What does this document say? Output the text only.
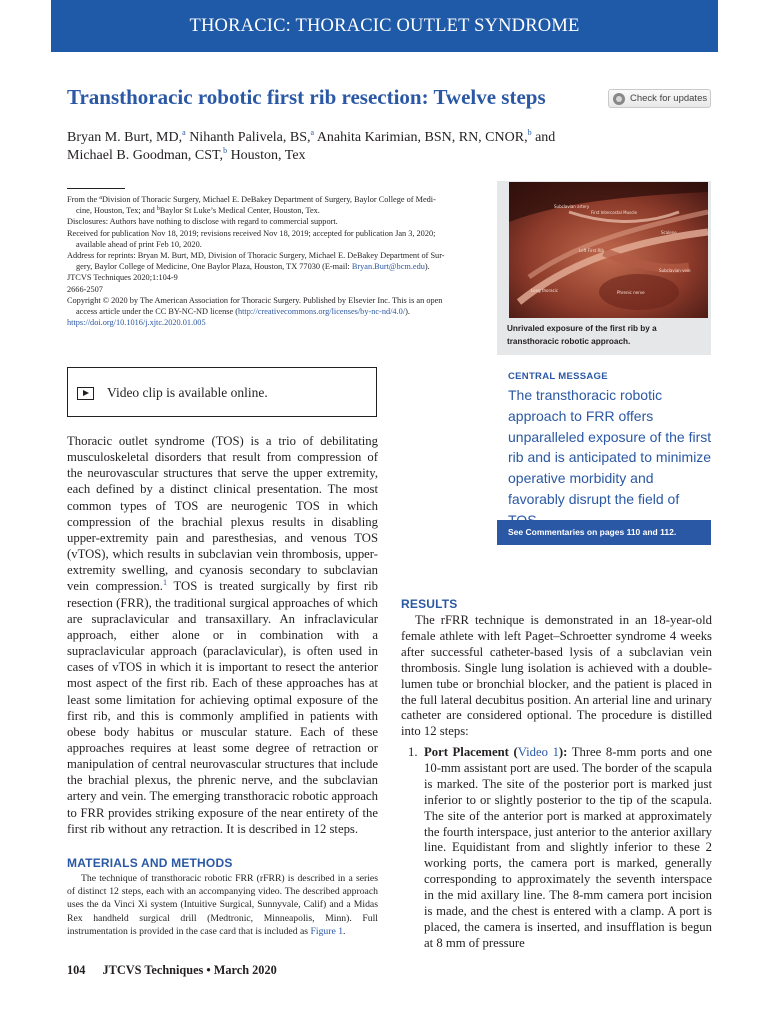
THORACIC: THORACIC OUTLET SYNDROME
Transthoracic robotic first rib resection: Twelve steps	Check for updates
Bryan M. Burt, MD,$^a$ Nihanth Palivela, BS,$^a$ Anahita Karimian, BSN, RN, CNOR,$^b$ and
Michael B. Goodman, CST,$^b$ Houston, Tex

From the $^a$Division of Thoracic Surgery, Michael E. DeBakey Department of Surgery, Baylor College of Medi-

cine, Houston, Tex; and $^b$Baylor St Luke’s Medical Center, Houston, Tex.

Disclosures: Authors have nothing to disclose with regard to commercial support.

Received for publication Nov 18, 2019; revisions received Nov 18, 2019; accepted for publication Jan 3, 2020;

available ahead of print Feb 10, 2020.

Address for reprints: Bryan M. Burt, MD, Division of Thoracic Surgery, Michael E. DeBakey Department of Sur-

gery, Baylor College of Medicine, One Baylor Plaza, Houston, TX 77030 (E-mail: Bryan.Burt@bcm.edu).

JTCVS Techniques 2020;1:104-9

2666-2507

Copyright © 2020 by The American Association for Thoracic Surgery. Published by Elsevier Inc. This is an open

access article under the CC BY-NC-ND license (http://creativecommons.org/licenses/by-nc-nd/4.0/).

https://doi.org/10.1016/j.xjtc.2020.01.005

Subclavian artery
First Intercostal Muscle
Scalene
Left First Rib
Subclavian vein
Phrenic nerve
Long thoracic
Unrivaled exposure of the first rib by a transthoracic robotic approach.
Video clip is available online.
CENTRAL MESSAGE
The transthoracic robotic approach to FRR offers unparalleled exposure of the first rib and is anticipated to minimize operative morbidity and favorably disrupt the field of
See Commentaries on pages 110 and 112.

Thoracic outlet syndrome (TOS) is a trio of debilitating musculoskeletal disorders that result from compression of the neurovascular structures that serve the upper extremity, each defined by a distinct clinical presentation. The most common types of TOS are neurogenic TOS in which compression of the brachial plexus results in disabling upper-extremity pain and paresthesias, and venous TOS (vTOS), which results in subclavian vein thrombosis, upper-extremity swelling, and cyanosis secondary to subclavian vein compression.$^1$ TOS is treated surgically by first rib resection (FRR), the traditional surgical approaches of which are supraclavicular and transaxillary. An infraclavicular approach, either alone or in combination with a supraclavicular approach (paraclavicular), is often used in cases of vTOS in which it is important to resect the anterior most aspect of the first rib. Each of these approaches has at least some limitation for achieving optimal exposure of the first rib, and this is commonly amplified in patients with obese body habitus or muscular stature. Each of these approaches requires at least some degree of retraction or manipulation of central neurovascular structures that include the brachial plexus, the phrenic nerve, and the subclavian artery and vein. The emerging transthoracic robotic approach to FRR provides striking exposure of the near entirety of the first rib without any retraction. It is described in 12 steps.

MATERIALS AND METHODS
The technique of transthoracic robotic FRR (rFRR) is described in a series of distinct 12 steps, each with an accompanying video. The described approach uses the da Vinci Xi system (Intuitive Surgical, Sunnyvale, Calif) and a Midas Rex handheld surgical drill (Medtronic, Minneapolis, Minn). Full instrumentation is provided in the case card that is included as Figure 1.
RESULTS
The rFRR technique is demonstrated in an 18-year-old female athlete with left Paget–Schroetter syndrome 4 weeks after successful catheter-based lysis of a subclavian vein thrombosis. Single lung isolation is achieved with a double-lumen tube or bronchial blocker, and the patient is placed in the full lateral decubitus position. An arterial line and urinary catheter are considered optional. The procedure is distilled into 12 steps:
1. Port Placement (Video 1): Three 8-mm ports and one 10-mm assistant port are used. The border of the scapula is marked. The site of the posterior port is marked just inferior to or slightly posterior to the tip of the scapula. The site of the anterior port is marked at approximately the fourth interspace, just anterior to the anterior axillary line. Equidistant from and slightly inferior to these 2 working ports, the camera port is marked, generally corresponding to approximately the seventh interspace in the mid axillary line. The 8-mm camera port incision is made, and the chest is entered with a clamp. A port is placed, the camera is inserted, and insufflation is begun at 8 mm of pressure
104 JTCVS Techniques • March 2020
